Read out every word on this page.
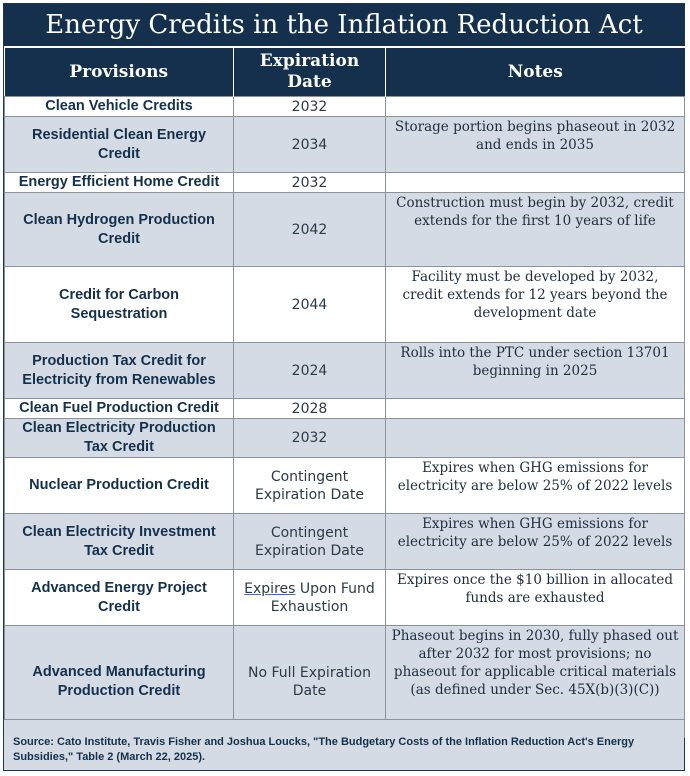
Energy Credits in the Inflation Reduction Act
Provisions	Expiration Date	Notes
Clean Vehicle Credits	2032	
Residential Clean Energy Credit	2034	Storage portion begins phaseout in 2032 and ends in 2035
Energy Efficient Home Credit	2032	
Clean Hydrogen Production Credit	2042	Construction must begin by 2032, credit extends for the first 10 years of life
Credit for Carbon Sequestration	2044	Facility must be developed by 2032, credit extends for 12 years beyond the development date
Production Tax Credit for Electricity from Renewables	2024	Rolls into the PTC under section 13701 beginning in 2025
Clean Fuel Production Credit	2028	
Clean Electricity Production Tax Credit	2032	
Nuclear Production Credit	Contingent Expiration Date	Expires when GHG emissions for electricity are below 25% of 2022 levels
Clean Electricity Investment Tax Credit	Contingent Expiration Date	Expires when GHG emissions for electricity are below 25% of 2022 levels
Advanced Energy Project Credit	Expires Upon Fund Exhaustion	Expires once the $10 billion in allocated funds are exhausted
Advanced Manufacturing Production Credit	No Full Expiration Date	Phaseout begins in 2030, fully phased out after 2032 for most provisions; no phaseout for applicable critical materials (as defined under Sec. 45X(b)(3)(C))
Source: Cato Institute, Travis Fisher and Joshua Loucks, "The Budgetary Costs of the Inflation Reduction Act's Energy Subsidies," Table 2 (March 22, 2025).
